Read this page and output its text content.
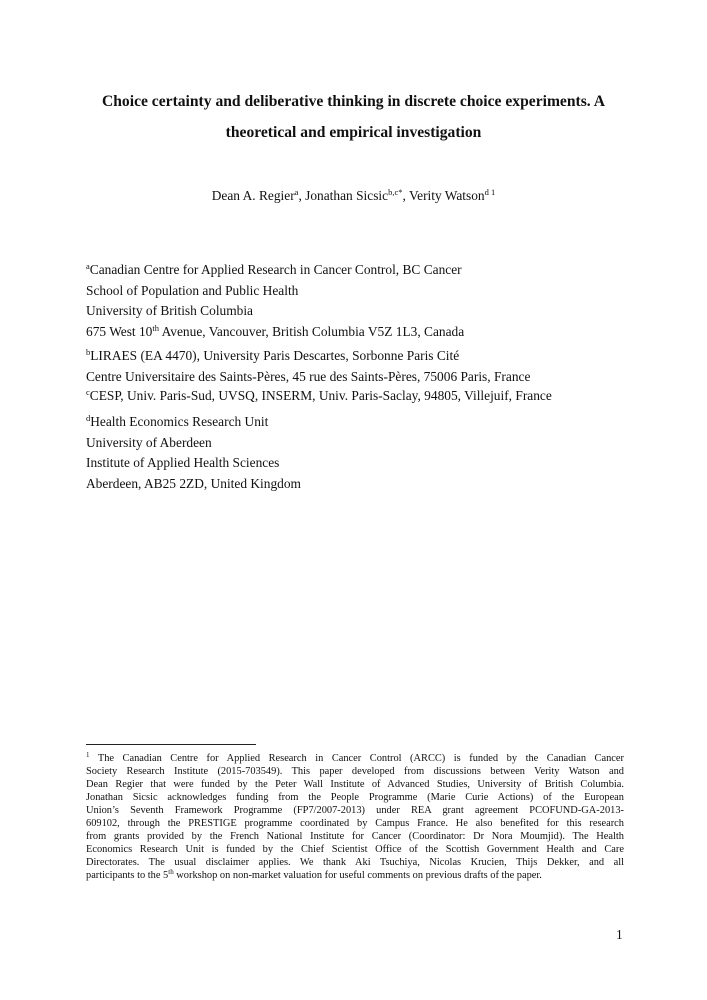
Choice certainty and deliberative thinking in discrete choice experiments. A
theoretical and empirical investigation
Dean A. Regier$^a$, Jonathan Sicsic$^{b,c*}$, Verity Watson$^{d 1}$
$^a$Canadian Centre for Applied Research in Cancer Control, BC Cancer
School of Population and Public Health
University of British Columbia
675 West 10th Avenue, Vancouver, British Columbia V5Z 1L3, Canada
$^b$LIRAES (EA 4470), University Paris Descartes, Sorbonne Paris Cité
Centre Universitaire des Saints-Pères, 45 rue des Saints-Pères, 75006 Paris, France
$^c$CESP, Univ. Paris-Sud, UVSQ, INSERM, Univ. Paris-Saclay, 94805, Villejuif, France
$^d$Health Economics Research Unit
University of Aberdeen
Institute of Applied Health Sciences
Aberdeen, AB25 2ZD, United Kingdom
$^1$ The Canadian Centre for Applied Research in Cancer Control (ARCC) is funded by the Canadian Cancer
Society Research Institute (2015-703549). This paper developed from discussions between Verity Watson and
Dean Regier that were funded by the Peter Wall Institute of Advanced Studies, University of British Columbia.
Jonathan Sicsic acknowledges funding from the People Programme (Marie Curie Actions) of the European
Union’s Seventh Framework Programme (FP7/2007-2013) under REA grant agreement PCOFUND-GA-2013-
609102, through the PRESTIGE programme coordinated by Campus France. He also benefited for this research
from grants provided by the French National Institute for Cancer (Coordinator: Dr Nora Moumjid). The Health
Economics Research Unit is funded by the Chief Scientist Office of the Scottish Government Health and Care
Directorates. The usual disclaimer applies. We thank Aki Tsuchiya, Nicolas Krucien, Thijs Dekker, and all
participants to the 5th workshop on non-market valuation for useful comments on previous drafts of the paper.
1
